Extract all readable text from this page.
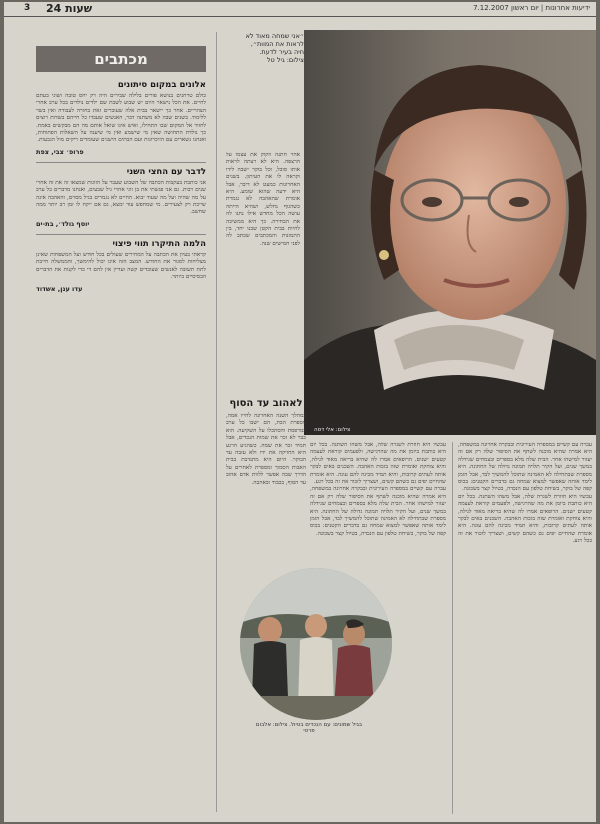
3 24 שעות	ידיעות אחרונות | יום ראשון 7.12.2007
מכתבים
אלונים במקום סיתונים
כולם טרחנים בנושא פורים בלילה שבירים היה רק יחס טובה ושוני בעתם לחיים. את הכל נישאר היום יש שבוע לשבת שם ילדים נולדים בכל ערב אחרי הצהריים. אחר כך יישאר בבית אלה שעוברים זאת בחזרה לעבודה ואין בשר ללימוד. בשנים שבה לא משתנה דבר, האנשים שעבדו כל חייהם בשדות רוצים לחזור אל המקום שבו התחילו, ואיש אינו שואל אותם מה הם מבקשים באמת. כך נולדת התחושה שאין מי שישמע ואין מי שיענה על השאלות הפתוחות, ואנחנו נשארים עם הזיכרונות ועם הבתים הישנים שעומדים ריקים מול הגבעות.
פרופ׳ צבי, צפת
לדבר עם החצי השני
אני כותבת בעקבות הכתבה של השבוע שעבר על הזוגות שמצאו זה את זה אחרי שנים רבות. גם אני פגשתי את בן זוגי אחרי גיל שבעים, ואנחנו מדברים כל ערב על מה שהיה ועל מה שעוד יבוא. החיים לא נגמרים בגיל מסוים, והאהבה אינה שייכת רק לצעירים. מי שמחפש עוד ימצא, גם אם ייקח לו זמן רב יותר ממה שחשב.
יוסף גולד׳, בת-ים
הלמה התיקרו תווי פיצוי
קראתי בעיון את הכתבה על המחירים שעולים בכל חודש ועל המשפחות שאינן מצליחות לסגור את החודש. המצב הזה אינו יכול להימשך, והממשלה חייבת לתת תשובה לאנשים שעובדים קשה ועדיין אין להם די כדי לקנות את הדברים הבסיסיים ביותר.
עדו ענן, אשדוד
״אני שמחה מאוד לא לראות את המוות״, חיה בעיר לדעת. צילום: גיל טל
אחר חתנה וזקוק את עצמו על הרצפה. היא לא רצתה לראות אותו סובל, וכל בוקר ישבה לידו וקראה לו את העיתון. בשנים האחרונות כמעט לא דיבר, אבל היא ידעה שהוא שומע. היא אומרת שהאהבה לא נגמרת כשהגוף נחלש, ושהיא הייתה עושה הכל מחדש אילו נתנו לה את הבחירה. כך היא ממשיכה לחיות בבית הקטן שבנו יחד, בין התמונות והמכתבים שכתב לה לפני חמישים שנה.
צילום: אלי דסה
לאהוב עד הסוף
במהלך השנה האחרונה לחייו אמה, מספרת הבת, הם ישבו כל ערב במרפסת והסתכלו על השקיעה. הוא כבר לא זכר את שמות הנכדים, אבל תמיד זכר את שמה. כשהגיע הרגע היא החזיקה את ידו ולא עזבה עד הבוקר. היום היא מתנדבת בבית האבות הסמוך ומספרת לאחרים על הדרך שבה אפשר ללוות אדם אהוב עד הסוף, בכבוד ובאהבה.
עכשיו היא חוזרת לשגרה שלה, אבל משהו השתנה. בכל יום היא כותבת ביומן את מה שהרגישה, ולפעמים קוראת לעצמה קטעים ישנים. הרופאים אמרו לה שהיא בריאה מאוד לגילה, והיא צוחקת ואומרת שזה בזכות האהבה. השכנים באים לבקר אותה לעתים קרובות, והיא תמיד מכינה להם עוגה. היא אומרת שהחיים יפים גם כשהם קשים, ושצריך לזכור את זה בכל רגע.
עברה עם קשיים במספרה העירונית ובבקרה אחרונה במשפחה, היא אמרה שהיא מוכנה לשתף את הסיפור שלה רק אם זה יעזור למישהו אחר. הבית שלה מלא בספרים ובצמחים שגידלה במשך שנים, ועל הקיר תלויה תמונה גדולה של החתונה. היא מספרת שבתחילה לא האמינה שתוכל להמשיך לבד, אבל הזמן לימד אותה שאפשר למצוא שמחה גם בדברים הקטנים: בכוס קפה של בוקר, בשיחת טלפון עם הנכדה, בטיול קצר בשכונה.
עברה עם קשיים במספרה העירונית ובבקרה אחרונה במשפחה, היא אמרה שהיא מוכנה לשתף את הסיפור שלה רק אם זה יעזור למישהו אחר. הבית שלה מלא בספרים ובצמחים שגידלה במשך שנים, ועל הקיר תלויה תמונה גדולה של החתונה. היא מספרת שבתחילה לא האמינה שתוכל להמשיך לבד, אבל הזמן לימד אותה שאפשר למצוא שמחה גם בדברים הקטנים: בכוס קפה של בוקר, בשיחת טלפון עם הנכדה, בטיול קצר בשכונה.
עכשיו היא חוזרת לשגרה שלה, אבל משהו השתנה. בכל יום היא כותבת ביומן את מה שהרגישה, ולפעמים קוראת לעצמה קטעים ישנים. הרופאים אמרו לה שהיא בריאה מאוד לגילה, והיא צוחקת ואומרת שזה בזכות האהבה. השכנים באים לבקר אותה לעתים קרובות, והיא תמיד מכינה להם עוגה. היא אומרת שהחיים יפים גם כשהם קשים, ושצריך לזכור את זה בכל רגע.
בגיל שמונים: עם הנכדים בטיול. צילום: אלבום פרטי
